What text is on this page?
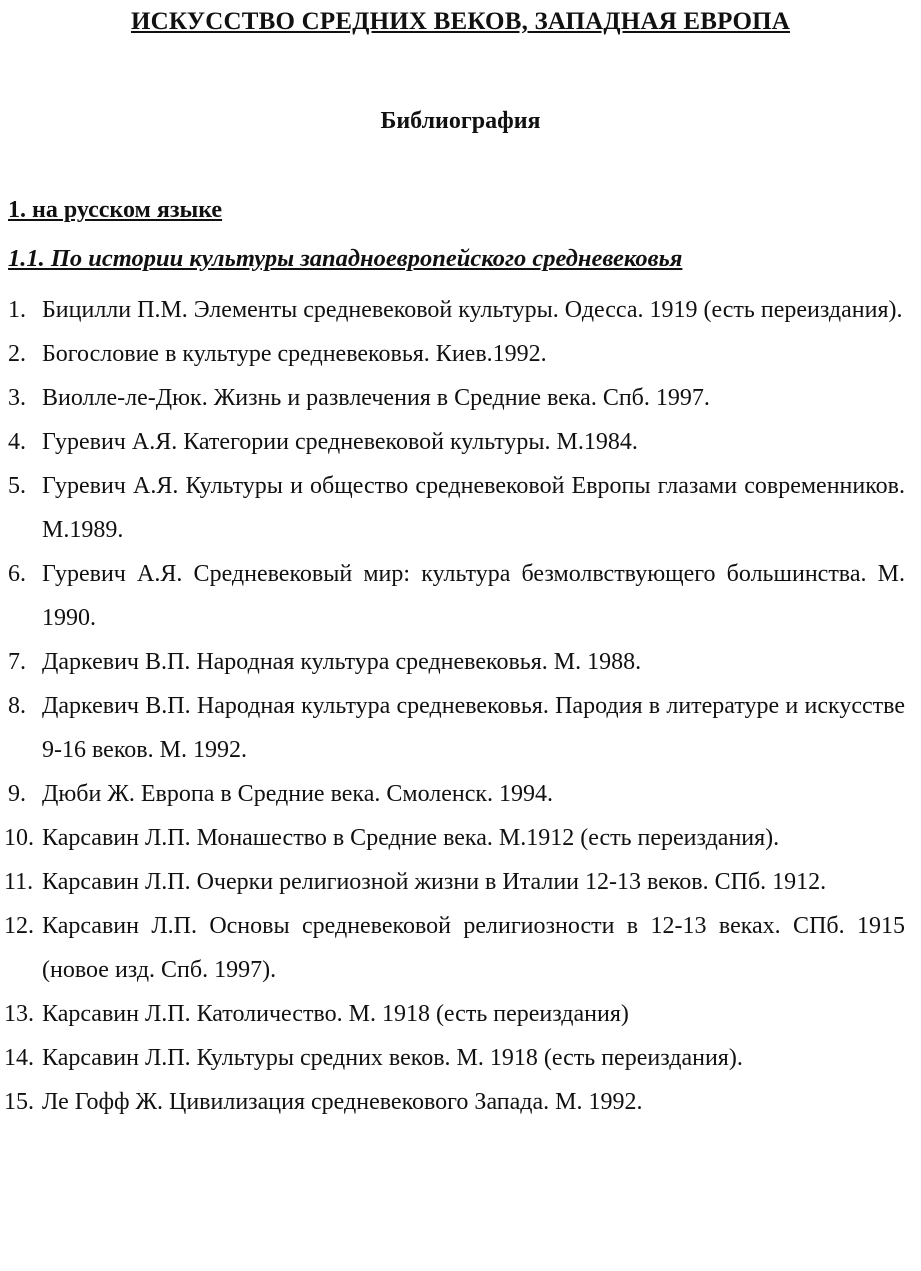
ИСКУССТВО СРЕДНИХ ВЕКОВ, ЗАПАДНАЯ ЕВРОПА
Библиография
1. на русском языке
1.1. По истории культуры западноевропейского средневековья
1. Бицилли П.М. Элементы средневековой культуры. Одесса. 1919 (есть переиздания).
2. Богословие в культуре средневековья. Киев.1992.
3. Виолле-ле-Дюк. Жизнь и развлечения в Средние века. Спб. 1997.
4. Гуревич А.Я. Категории средневековой культуры. М.1984.
5. Гуревич А.Я. Культуры и общество средневековой Европы глазами современников. М.1989.
6. Гуревич А.Я. Средневековый мир: культура безмолвствующего большинства. М. 1990.
7. Даркевич В.П. Народная культура средневековья. М. 1988.
8. Даркевич В.П. Народная культура средневековья. Пародия в литературе и искусстве 9-16 веков. М. 1992.
9. Дюби Ж. Европа в Средние века. Смоленск. 1994.
10. Карсавин Л.П. Монашество в Средние века. М.1912 (есть переиздания).
11. Карсавин Л.П. Очерки религиозной жизни в Италии 12-13 веков. СПб. 1912.
12. Карсавин Л.П. Основы средневековой религиозности в 12-13 веках. СПб. 1915 (новое изд. Спб. 1997).
13. Карсавин Л.П. Католичество. М. 1918 (есть переиздания)
14. Карсавин Л.П. Культуры средних веков. М. 1918 (есть переиздания).
15. Ле Гофф Ж. Цивилизация средневекового Запада. М. 1992.
